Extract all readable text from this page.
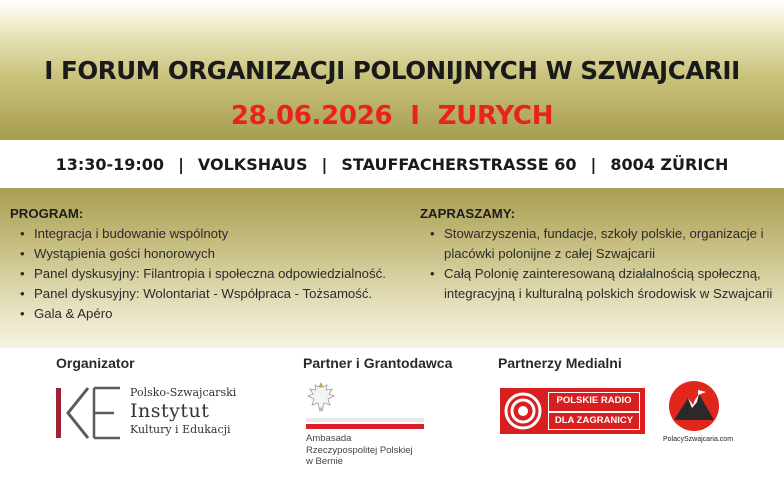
I FORUM ORGANIZACJI POLONIJNYCH W SZWAJCARII
28.06.2026 I ZURYCH
13:30-19:00 | VOLKSHAUS | STAUFFACHERSTRASSE 60 | 8004 ZÜRICH
PROGRAM:
• Integracja i budowanie wspólnoty
• Wystąpienia gości honorowych
• Panel dyskusyjny: Filantropia i społeczna odpowiedzialność.
• Panel dyskusyjny: Wolontariat - Współpraca - Tożsamość.
• Gala & Apéro
ZAPRASZAMY:
• Stowarzyszenia, fundacje, szkoły polskie, organizacje i placówki polonijne z całej Szwajcarii
• Całą Polonię zainteresowaną działalnością społeczną, integracyjną i kulturalną polskich środowisk w Szwajcarii
Organizator	Partner i Grantodawca	Partnerzy Medialni
Polsko-Szwajcarski
Instytut
Kultury i Edukacji
Ambasada
Rzeczypospolitej Polskiej
w Bernie
POLSKIE RADIO
DLA ZAGRANICY
PolacySzwajcaria.com
